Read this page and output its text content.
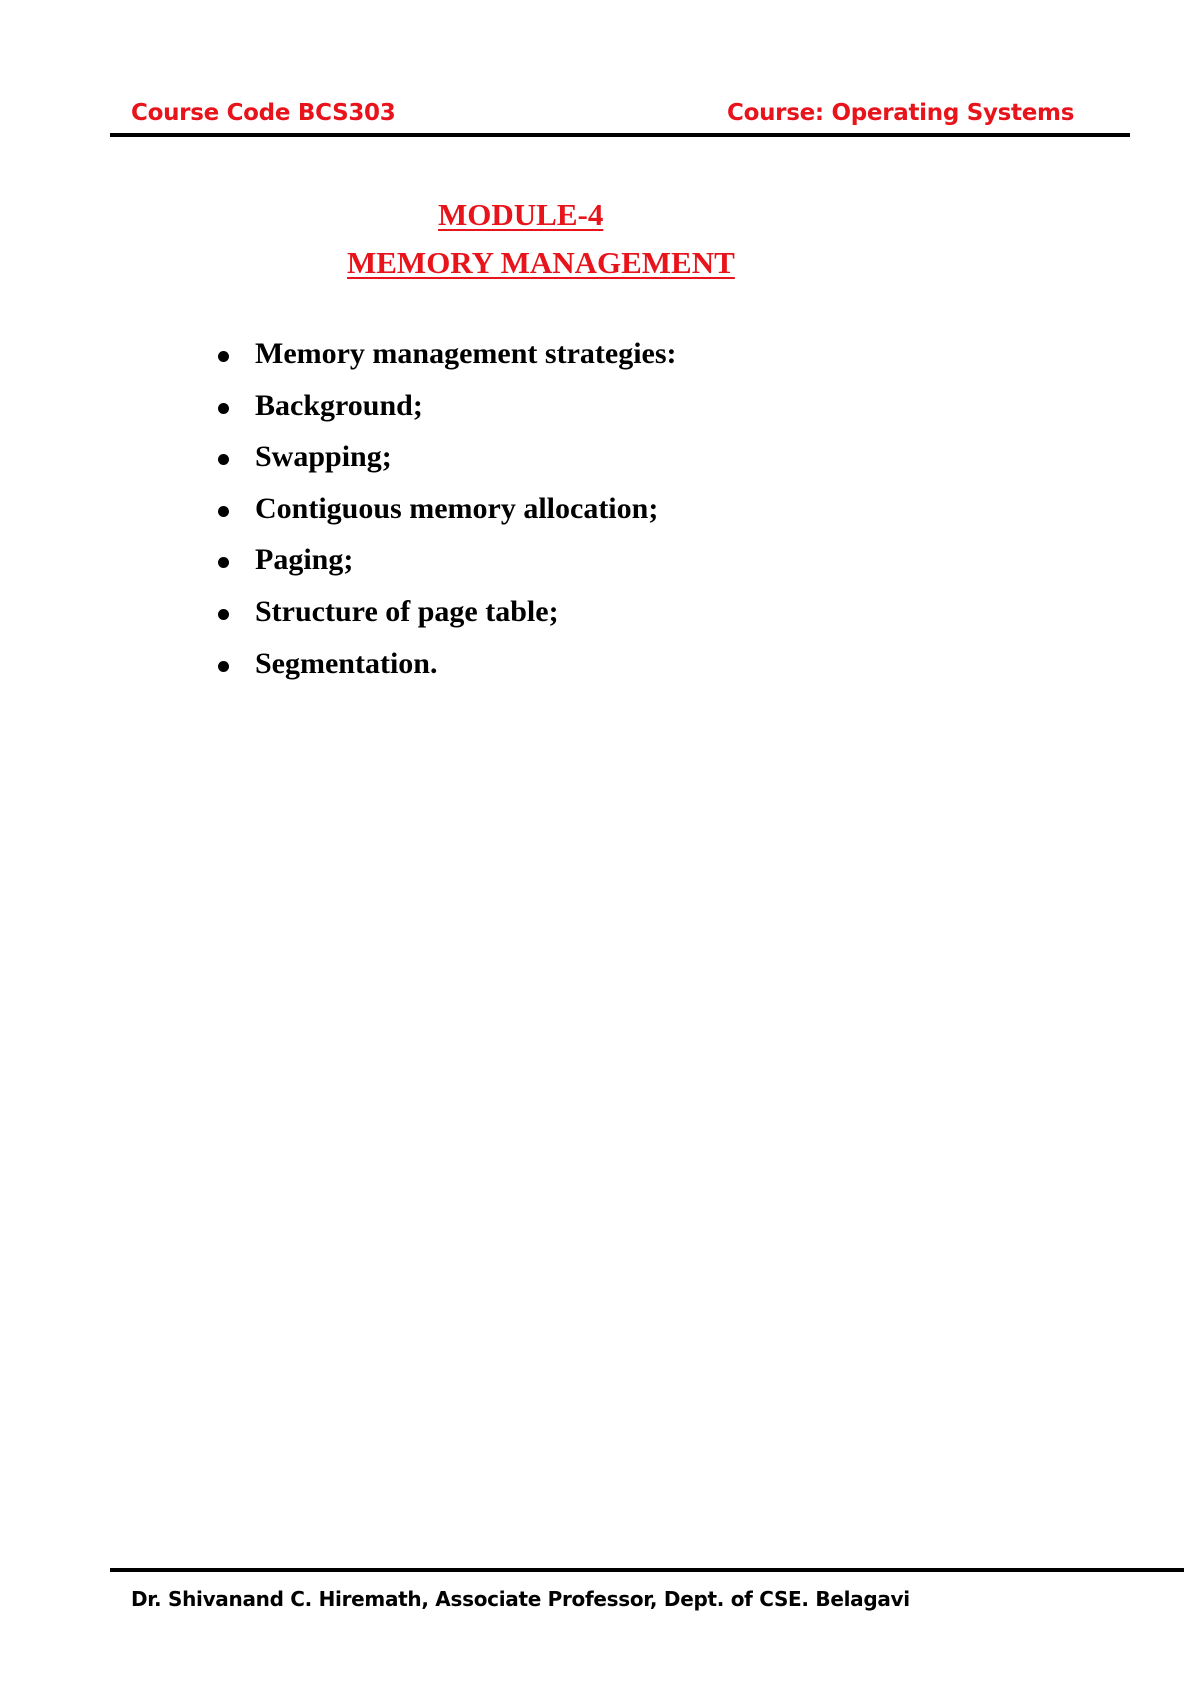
Course Code BCS303	Course: Operating Systems
MODULE-4
MEMORY MANAGEMENT
Memory management strategies:
Background;
Swapping;
Contiguous memory allocation;
Paging;
Structure of page table;
Segmentation.
Dr. Shivanand C. Hiremath, Associate Professor, Dept. of CSE. Belagavi
